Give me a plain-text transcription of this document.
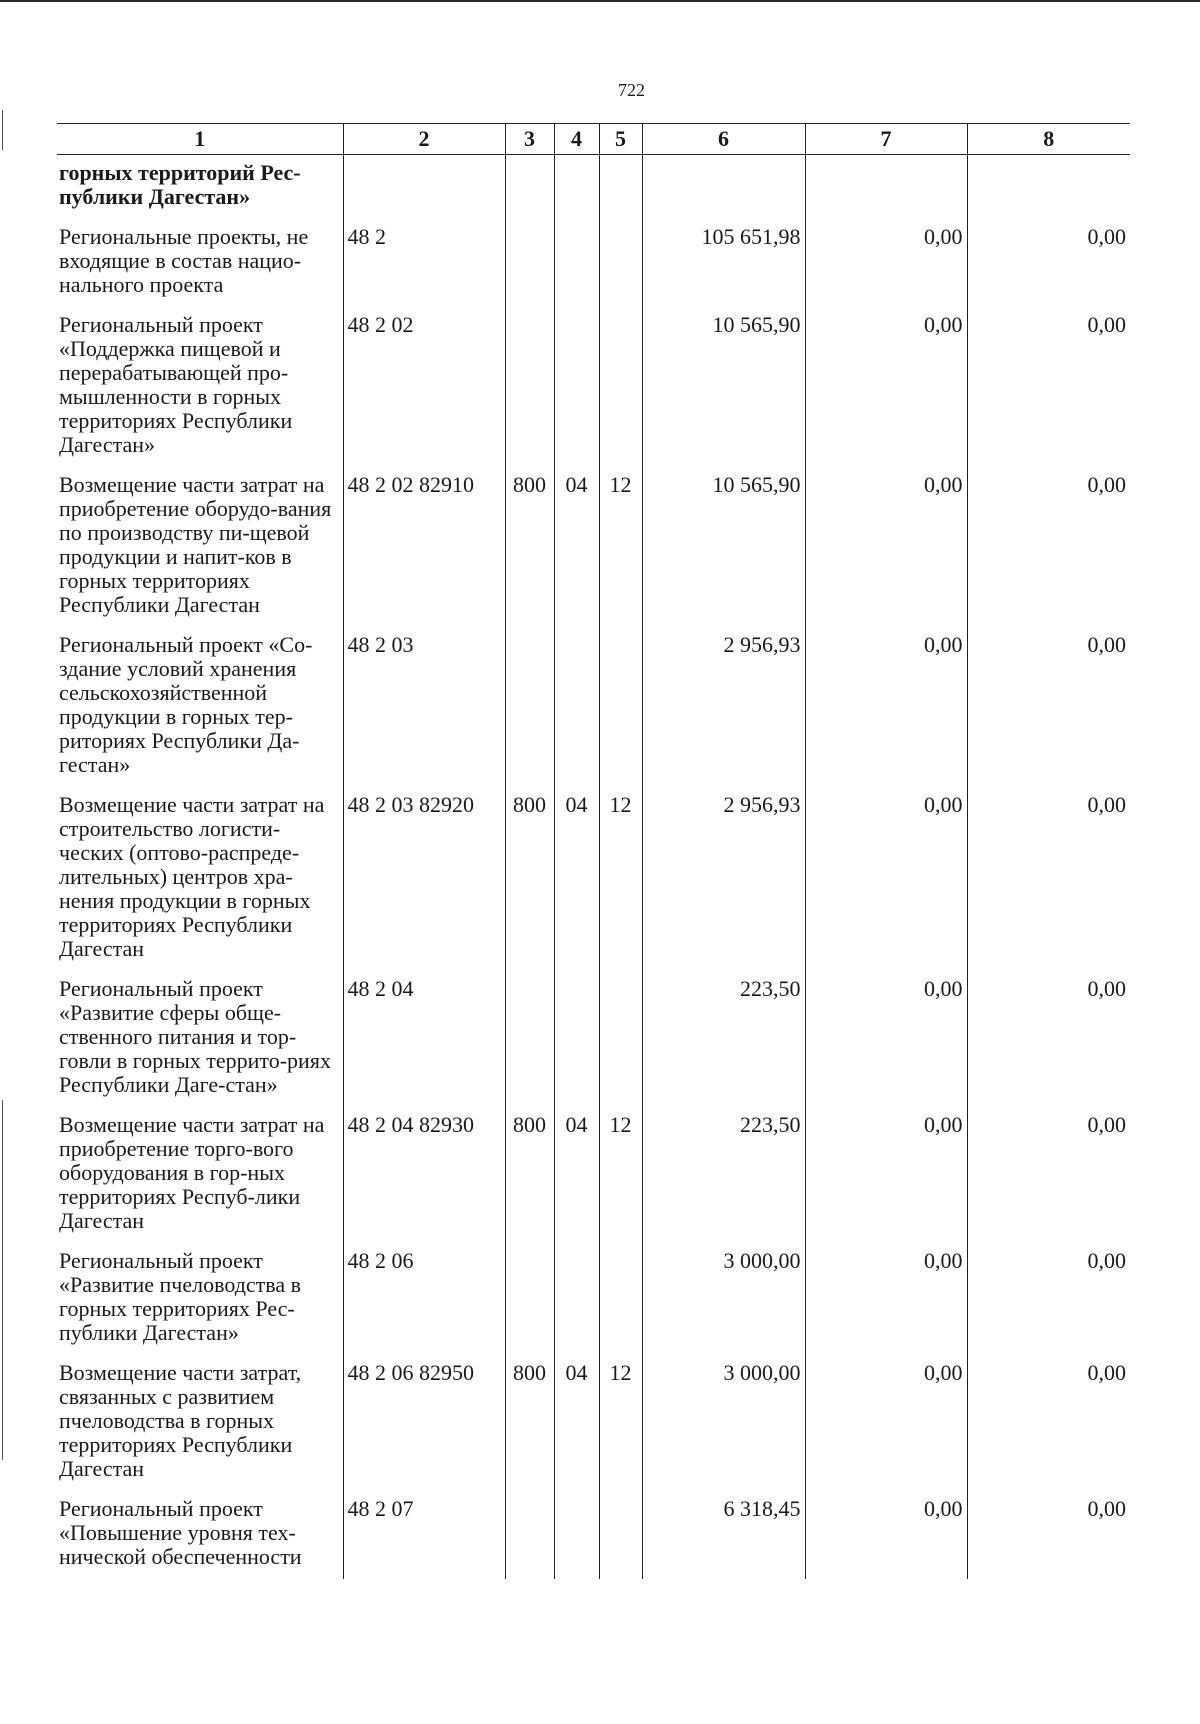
722
1	2	3	4	5	6	7	8
горных территорий Рес-публики Дагестан»							
Региональные проекты, не входящие в состав нацио-нального проекта	48 2				105 651,98	0,00	0,00
Региональный проект «Поддержка пищевой и перерабатывающей про-мышленности в горных территориях Республики Дагестан»	48 2 02				10 565,90	0,00	0,00
Возмещение части затрат на приобретение оборудо-вания по производству пи-щевой продукции и напит-ков в горных территориях Республики Дагестан	48 2 02 82910	800	04	12	10 565,90	0,00	0,00
Региональный проект «Со-здание условий хранения сельскохозяйственной продукции в горных тер-риториях Республики Да-гестан»	48 2 03				2 956,93	0,00	0,00
Возмещение части затрат на строительство логисти-ческих (оптово-распреде-лительных) центров хра-нения продукции в горных территориях Республики Дагестан	48 2 03 82920	800	04	12	2 956,93	0,00	0,00
Региональный проект «Развитие сферы обще-ственного питания и тор-говли в горных террито-риях Республики Даге-стан»	48 2 04				223,50	0,00	0,00
Возмещение части затрат на приобретение торго-вого оборудования в гор-ных территориях Респуб-лики Дагестан	48 2 04 82930	800	04	12	223,50	0,00	0,00
Региональный проект «Развитие пчеловодства в горных территориях Рес-публики Дагестан»	48 2 06				3 000,00	0,00	0,00
Возмещение части затрат, связанных с развитием пчеловодства в горных территориях Республики Дагестан	48 2 06 82950	800	04	12	3 000,00	0,00	0,00
Региональный проект «Повышение уровня тех-нической обеспеченности	48 2 07				6 318,45	0,00	0,00
